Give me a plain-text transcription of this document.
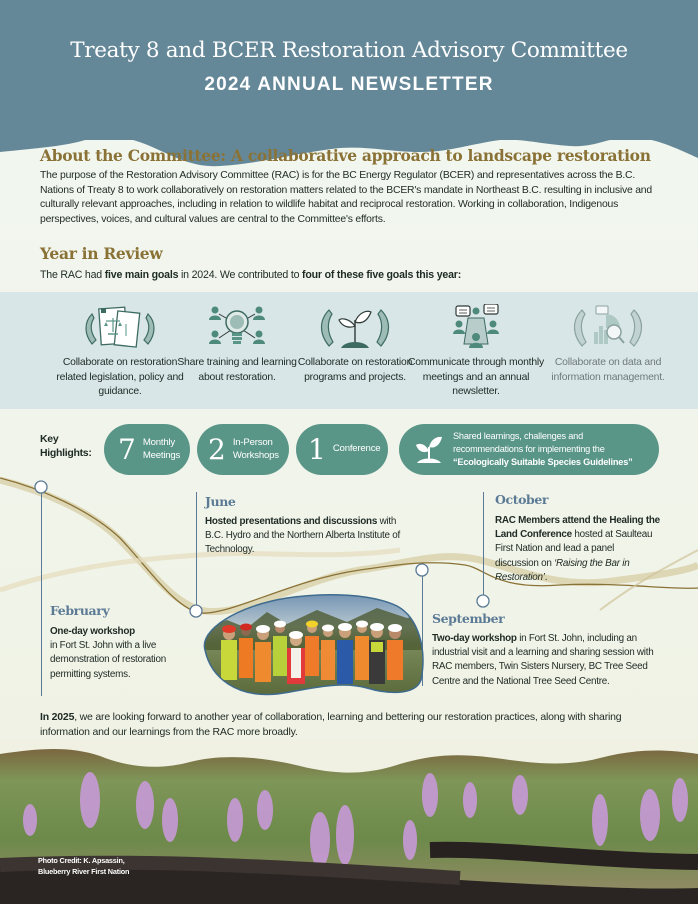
Treaty 8 and BCER Restoration Advisory Committee
2024 ANNUAL NEWSLETTER
About the Committee: A collaborative approach to landscape restoration
The purpose of the Restoration Advisory Committee (RAC) is for the BC Energy Regulator (BCER) and representatives across the B.C. Nations of Treaty 8 to work collaboratively on restoration matters related to the BCER's mandate in Northeast B.C. resulting in inclusive and culturally relevant approaches, including in relation to wildlife habitat and reciprocal restoration. Working in collaboration, Indigenous perspectives, voices, and cultural values are central to the Committee's efforts.
Year in Review
The RAC had five main goals in 2024. We contributed to four of these five goals this year:
Collaborate on restoration related legislation, policy and guidance.
Share training and learning about restoration.
Collaborate on restoration programs and projects.
Communicate through monthly meetings and an annual newsletter.
Collaborate on data and information management.
Key
Highlights: 7 Monthly
Meetings 2 In-Person
Workshops 1 Conference
Shared learnings, challenges and
recommendations for implementing the
“Ecologically Suitable Species Guidelines”
June
Hosted presentations and discussions with B.C. Hydro and the Northern Alberta Institute of Technology.
October
RAC Members attend the Healing the Land Conference hosted at Saulteau First Nation and lead a panel discussion on ‘Raising the Bar in Restoration’.
February
One-day workshop
in Fort St. John with a live demonstration of restoration permitting systems.
September
Two-day workshop in Fort St. John, including an industrial visit and a learning and sharing session with RAC members, Twin Sisters Nursery, BC Tree Seed Centre and the National Tree Seed Centre.
In 2025, we are looking forward to another year of collaboration, learning and bettering our restoration practices, along with sharing information and our learnings from the RAC more broadly.
Photo Credit: K. Apsassin,
Blueberry River First Nation
